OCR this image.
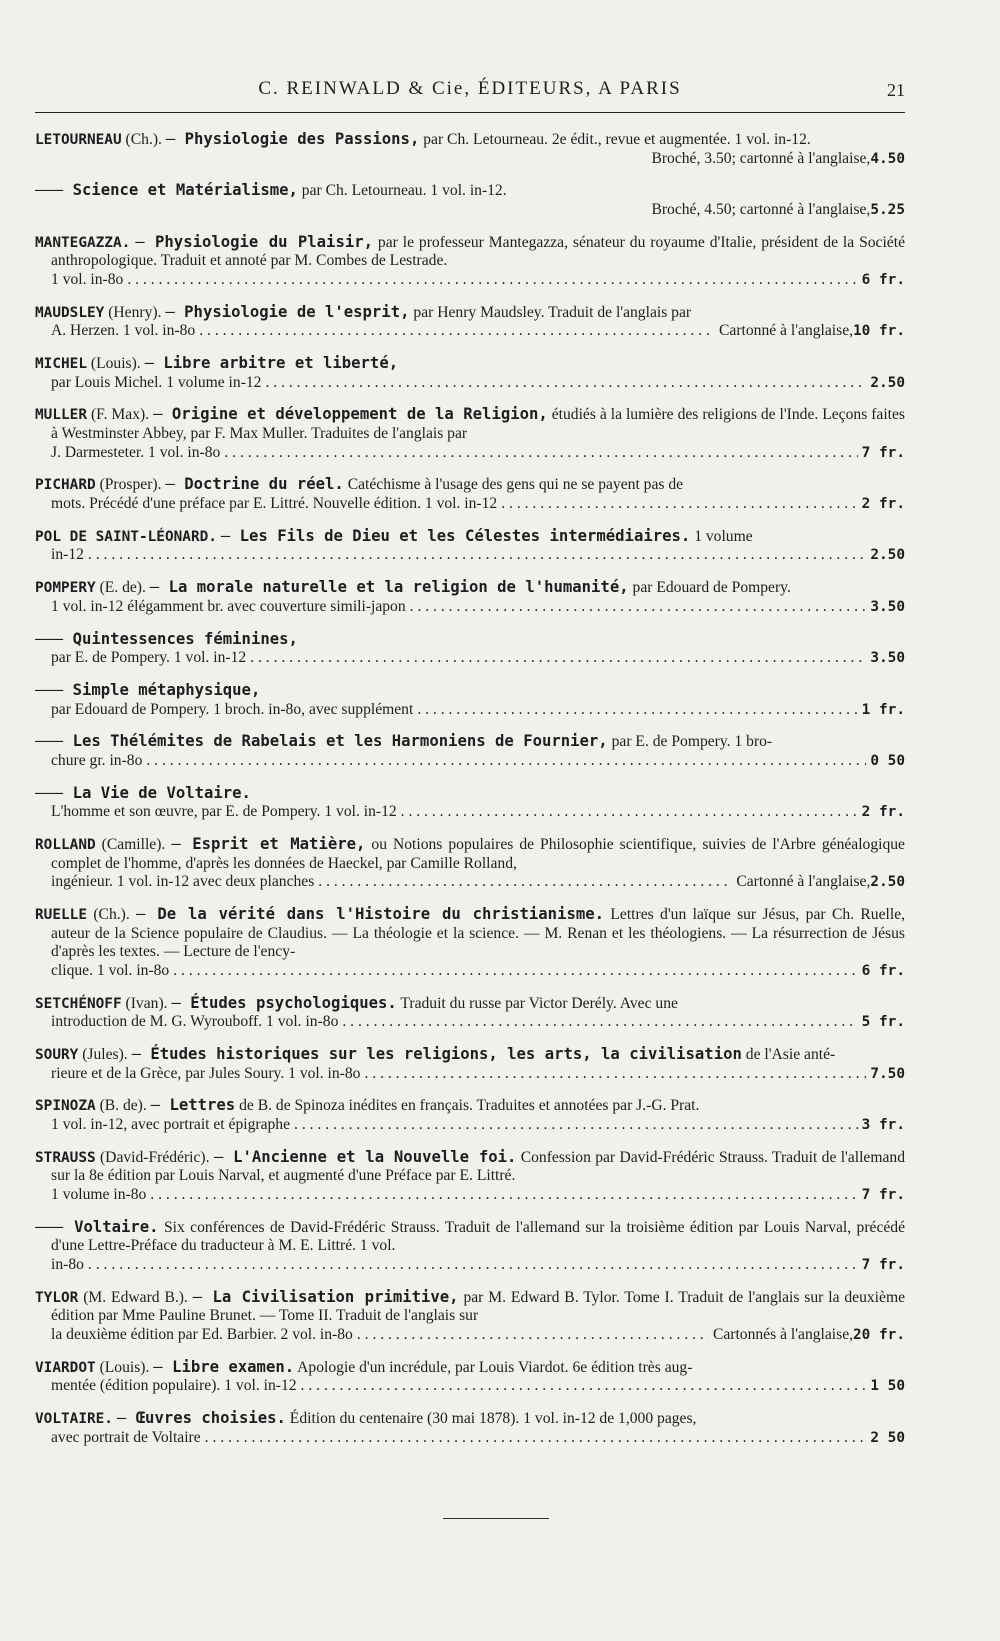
C. REINWALD & Cie, ÉDITEURS, A PARIS	21
LETOURNEAU (Ch.). — Physiologie des Passions, par Ch. Letourneau. 2e édit., revue et augmentée. 1 vol. in-12.
Broché, 3.50; cartonné à l'anglaise, 4.50
——— Science et Matérialisme, par Ch. Letourneau. 1 vol. in-12.
Broché, 4.50; cartonné à l'anglaise, 5.25
MANTEGAZZA. — Physiologie du Plaisir, par le professeur Mantegazza, sénateur du royaume d'Italie, président de la Société anthropologique. Traduit et annoté par M. Combes de Lestrade.
1 vol. in-8o . . .	6 fr.
MAUDSLEY (Henry). — Physiologie de l'esprit, par Henry Maudsley. Traduit de l'anglais par
A. Herzen. 1 vol. in-8o . . .	Cartonné à l'anglaise, 10 fr.
MICHEL (Louis). — Libre arbitre et liberté,
par Louis Michel. 1 volume in-12 . . .	2.50
MULLER (F. Max). — Origine et développement de la Religion, étudiés à la lumière des religions de l'Inde. Leçons faites à Westminster Abbey, par F. Max Muller. Traduites de l'anglais par
J. Darmesteter. 1 vol. in-8o . . .	7 fr.
PICHARD (Prosper). — Doctrine du réel. Catéchisme à l'usage des gens qui ne se payent pas de
mots. Précédé d'une préface par E. Littré. Nouvelle édition. 1 vol. in-12 . . .	2 fr.
POL DE SAINT-LÉONARD. — Les Fils de Dieu et les Célestes intermédiaires. 1 volume
in-12 . . .	2.50
POMPERY (E. de). — La morale naturelle et la religion de l'humanité, par Edouard de Pompery.
1 vol. in-12 élégamment br. avec couverture simili-japon . . .	3.50
——— Quintessences féminines,
par E. de Pompery. 1 vol. in-12 . . .	3.50
——— Simple métaphysique,
par Edouard de Pompery. 1 broch. in-8o, avec supplément . . .	1 fr.
——— Les Thélémites de Rabelais et les Harmoniens de Fournier, par E. de Pompery. 1 bro-
chure gr. in-8o . . .	0 50
——— La Vie de Voltaire.
L'homme et son œuvre, par E. de Pompery. 1 vol. in-12 . . .	2 fr.
ROLLAND (Camille). — Esprit et Matière, ou Notions populaires de Philosophie scientifique, suivies de l'Arbre généalogique complet de l'homme, d'après les données de Haeckel, par Camille Rolland,
ingénieur. 1 vol. in-12 avec deux planches . . .	Cartonné à l'anglaise, 2.50
RUELLE (Ch.). — De la vérité dans l'Histoire du christianisme. Lettres d'un laïque sur Jésus, par Ch. Ruelle, auteur de la Science populaire de Claudius. — La théologie et la science. — M. Renan et les théologiens. — La résurrection de Jésus d'après les textes. — Lecture de l'ency-
clique. 1 vol. in-8o . . .	6 fr.
SETCHÉNOFF (Ivan). — Études psychologiques. Traduit du russe par Victor Derély. Avec une
introduction de M. G. Wyrouboff. 1 vol. in-8o . . .	5 fr.
SOURY (Jules). — Études historiques sur les religions, les arts, la civilisation de l'Asie anté-
rieure et de la Grèce, par Jules Soury. 1 vol. in-8o . . .	7.50
SPINOZA (B. de). — Lettres de B. de Spinoza inédites en français. Traduites et annotées par J.-G. Prat.
1 vol. in-12, avec portrait et épigraphe . . .	3 fr.
STRAUSS (David-Frédéric). — L'Ancienne et la Nouvelle foi. Confession par David-Frédéric Strauss. Traduit de l'allemand sur la 8e édition par Louis Narval, et augmenté d'une Préface par E. Littré.
1 volume in-8o . . .	7 fr.
——— Voltaire. Six conférences de David-Frédéric Strauss. Traduit de l'allemand sur la troisième édition par Louis Narval, précédé d'une Lettre-Préface du traducteur à M. E. Littré. 1 vol.
in-8o . . .	7 fr.
TYLOR (M. Edward B.). — La Civilisation primitive, par M. Edward B. Tylor. Tome I. Traduit de l'anglais sur la deuxième édition par Mme Pauline Brunet. — Tome II. Traduit de l'anglais sur
la deuxième édition par Ed. Barbier. 2 vol. in-8o . . .	Cartonnés à l'anglaise, 20 fr.
VIARDOT (Louis). — Libre examen. Apologie d'un incrédule, par Louis Viardot. 6e édition très aug-
mentée (édition populaire). 1 vol. in-12 . . .	1 50
VOLTAIRE. — Œuvres choisies. Édition du centenaire (30 mai 1878). 1 vol. in-12 de 1,000 pages,
avec portrait de Voltaire . . .	2 50
